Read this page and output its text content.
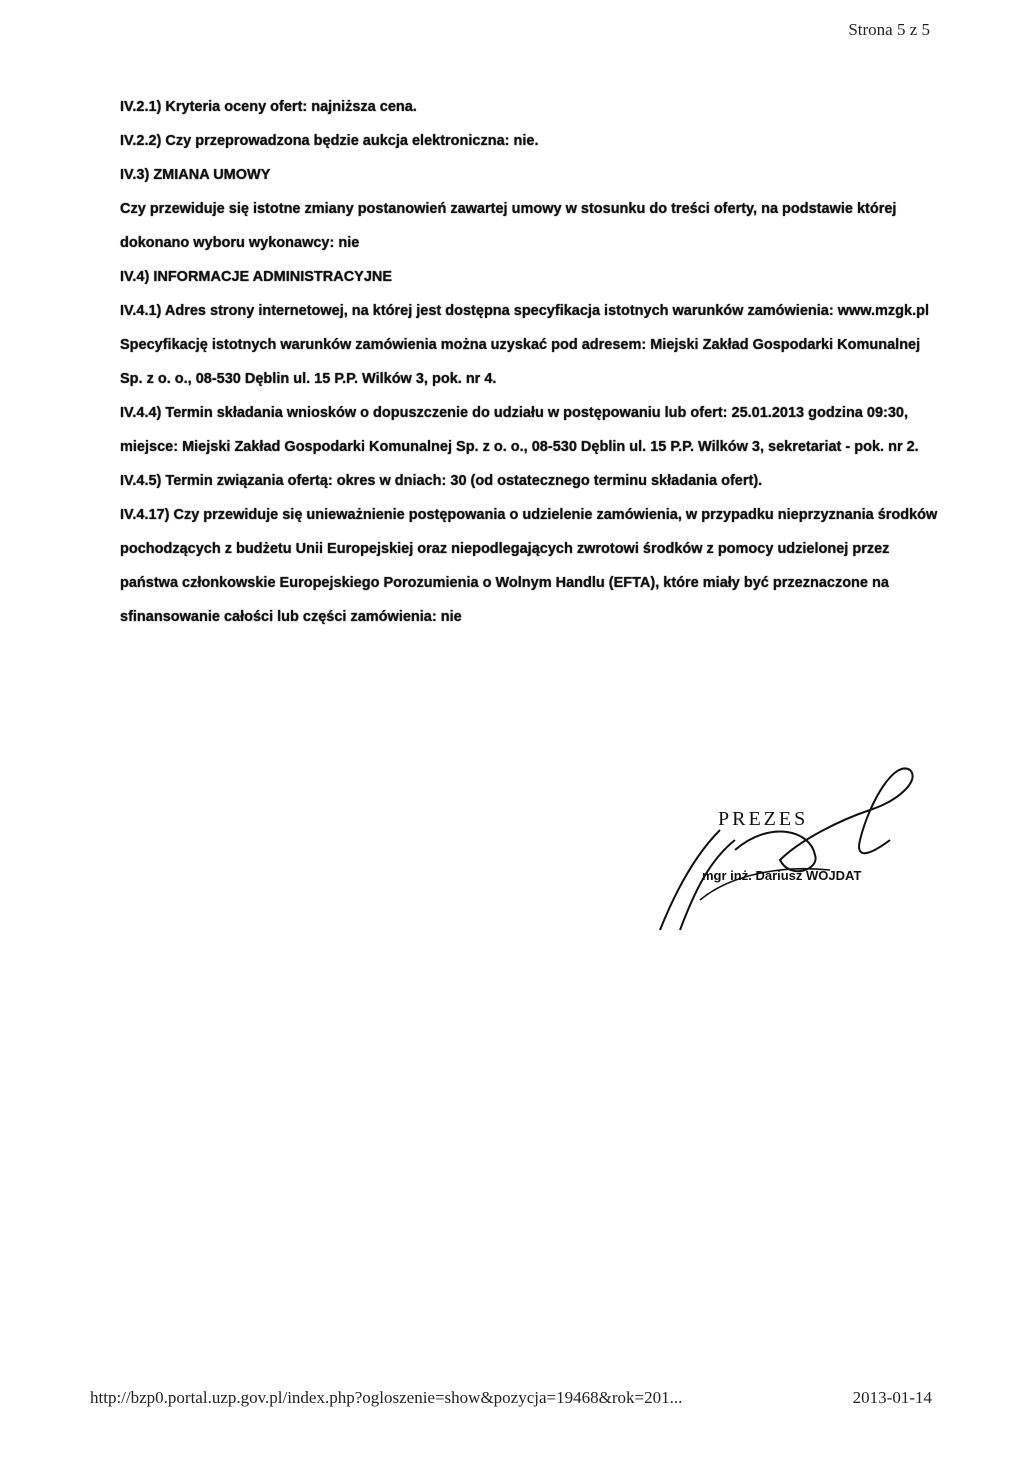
Strona 5 z 5

IV.2.1) Kryteria oceny ofert: najniższa cena.

IV.2.2) Czy przeprowadzona będzie aukcja elektroniczna: nie.

IV.3) ZMIANA UMOWY

Czy przewiduje się istotne zmiany postanowień zawartej umowy w stosunku do treści oferty, na podstawie której dokonano wyboru wykonawcy: nie

IV.4) INFORMACJE ADMINISTRACYJNE

IV.4.1) Adres strony internetowej, na której jest dostępna specyfikacja istotnych warunków zamówienia: www.mzgk.pl

Specyfikację istotnych warunków zamówienia można uzyskać pod adresem: Miejski Zakład Gospodarki Komunalnej Sp. z o. o., 08-530 Dęblin ul. 15 P.P. Wilków 3, pok. nr 4.

IV.4.4) Termin składania wniosków o dopuszczenie do udziału w postępowaniu lub ofert: 25.01.2013 godzina 09:30, miejsce: Miejski Zakład Gospodarki Komunalnej Sp. z o. o., 08-530 Dęblin ul. 15 P.P. Wilków 3, sekretariat - pok. nr 2.

IV.4.5) Termin związania ofertą: okres w dniach: 30 (od ostatecznego terminu składania ofert).

IV.4.17) Czy przewiduje się unieważnienie postępowania o udzielenie zamówienia, w przypadku nieprzyznania środków pochodzących z budżetu Unii Europejskiej oraz niepodlegających zwrotowi środków z pomocy udzielonej przez państwa członkowskie Europejskiego Porozumienia o Wolnym Handlu (EFTA), które miały być przeznaczone na sfinansowanie całości lub części zamówienia: nie

PREZES
mgr inż. Dariusz WOJDAT
http://bzp0.portal.uzp.gov.pl/index.php?ogloszenie=show&pozycja=19468&rok=201...	2013-01-14
